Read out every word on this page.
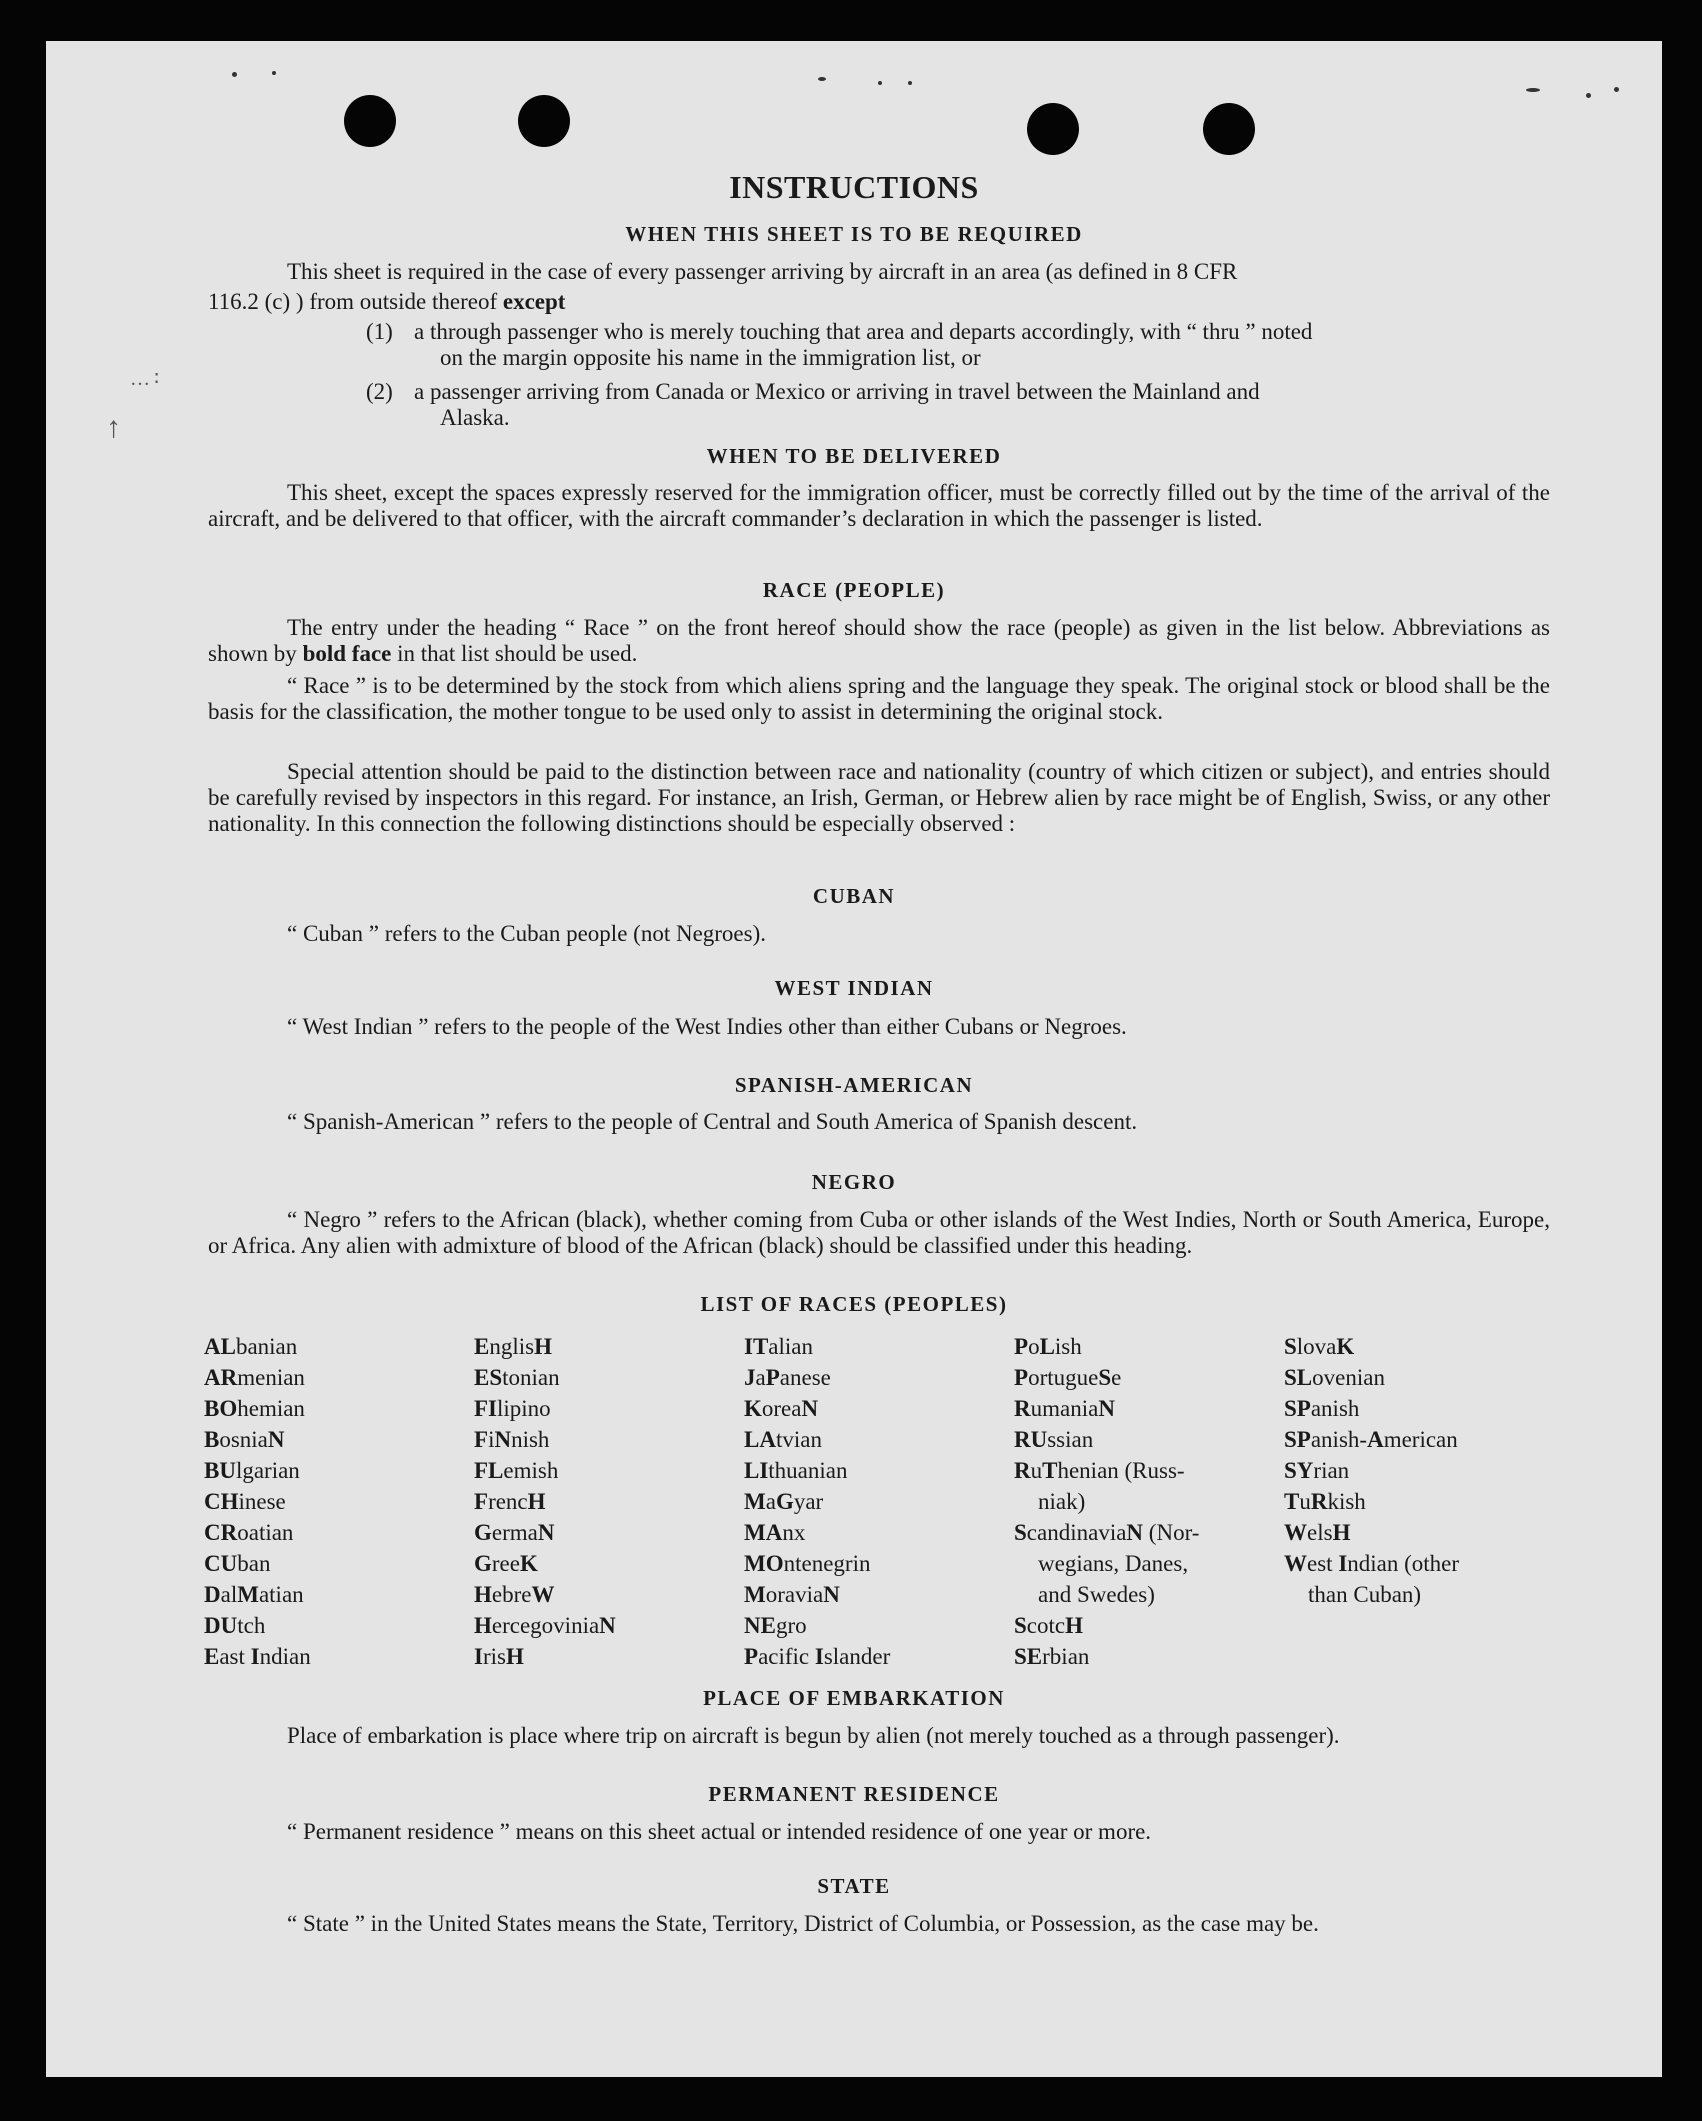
 … ∶
↑
INSTRUCTIONS
WHEN THIS SHEET IS TO BE REQUIRED
This sheet is required in the case of every passenger arriving by aircraft in an area (as defined in 8 CFR
116.2 (c) ) from outside thereof except
(1) a through passenger who is merely touching that area and departs accordingly, with “ thru ” noted
on the margin opposite his name in the immigration list, or
(2) a passenger arriving from Canada or Mexico or arriving in travel between the Mainland and
Alaska.
WHEN TO BE DELIVERED
This sheet, except the spaces expressly reserved for the immigration officer, must be correctly filled out by the time of the arrival of the aircraft, and be delivered to that officer, with the aircraft commander’s declaration in which the passenger is listed.
RACE (PEOPLE)
The entry under the heading “ Race ” on the front hereof should show the race (people) as given in the list below. Abbreviations as shown by bold face in that list should be used.
“ Race ” is to be determined by the stock from which aliens spring and the language they speak. The original stock or blood shall be the basis for the classification, the mother tongue to be used only to assist in determining the original stock.
Special attention should be paid to the distinction between race and nationality (country of which citizen or subject), and entries should be carefully revised by inspectors in this regard. For instance, an Irish, German, or Hebrew alien by race might be of English, Swiss, or any other nationality. In this connection the following distinctions should be especially observed :
CUBAN
“ Cuban ” refers to the Cuban people (not Negroes).
WEST INDIAN
“ West Indian ” refers to the people of the West Indies other than either Cubans or Negroes.
SPANISH-AMERICAN
“ Spanish-American ” refers to the people of Central and South America of Spanish descent.
NEGRO
“ Negro ” refers to the African (black), whether coming from Cuba or other islands of the West Indies, North or South America, Europe, or Africa. Any alien with admixture of blood of the African (black) should be classified under this heading.
LIST OF RACES (PEOPLES)
ALbanian
ARmenian
BOhemian
BosniaN
BUlgarian
CHinese
CRoatian
CUban
DalMatian
DUtch
East Indian
EnglisH
EStonian
FIlipino
FiNnish
FLemish
FrencH
GermaN
GreeK
HebreW
HercegoviniaN
IrisH
ITalian
JaPanese
KoreaN
LAtvian
LIthuanian
MaGyar
MAnx
MOntenegrin
MoraviaN
NEgro
Pacific Islander
PoLish
PortugueSe
RumaniaN
RUssian
RuThenian (Russ-
niak)
ScandinaviaN (Nor-
wegians, Danes,
and Swedes)
ScotcH
SErbian
SlovaK
SLovenian
SPanish
SPanish-American
SYrian
TuRkish
WelsH
West Indian (other
than Cuban)
PLACE OF EMBARKATION
Place of embarkation is place where trip on aircraft is begun by alien (not merely touched as a through passenger).
PERMANENT RESIDENCE
“ Permanent residence ” means on this sheet actual or intended residence of one year or more.
STATE
“ State ” in the United States means the State, Territory, District of Columbia, or Possession, as the case may be.
